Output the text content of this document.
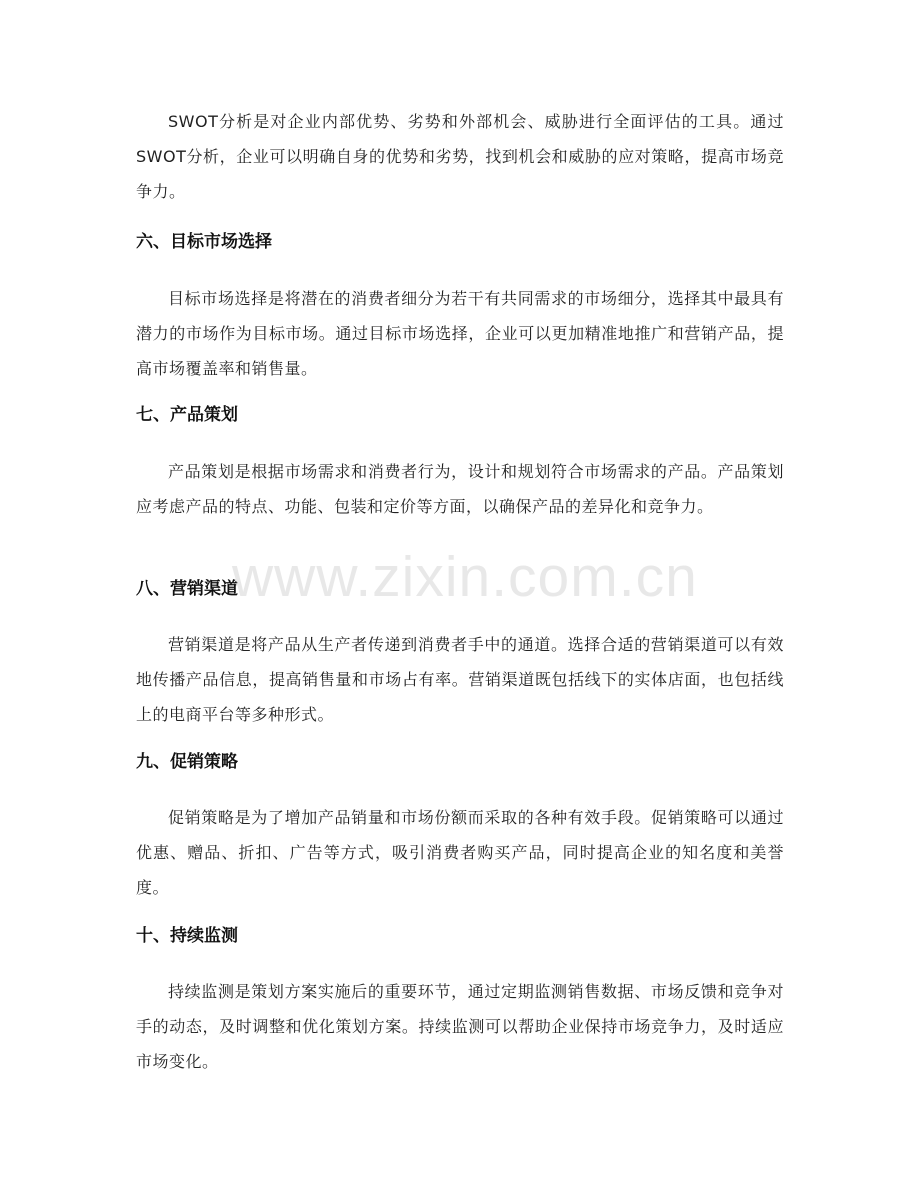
SWOT分析是对企业内部优势、劣势和外部机会、威胁进行全面评估的工具。通过SWOT分析，企业可以明确自身的优势和劣势，找到机会和威胁的应对策略，提高市场竞争力。

六、目标市场选择

目标市场选择是将潜在的消费者细分为若干有共同需求的市场细分，选择其中最具有潜力的市场作为目标市场。通过目标市场选择，企业可以更加精准地推广和营销产品，提高市场覆盖率和销售量。

七、产品策划

产品策划是根据市场需求和消费者行为，设计和规划符合市场需求的产品。产品策划应考虑产品的特点、功能、包装和定价等方面，以确保产品的差异化和竞争力。

八、营销渠道

营销渠道是将产品从生产者传递到消费者手中的通道。选择合适的营销渠道可以有效地传播产品信息，提高销售量和市场占有率。营销渠道既包括线下的实体店面，也包括线上的电商平台等多种形式。

九、促销策略

促销策略是为了增加产品销量和市场份额而采取的各种有效手段。促销策略可以通过优惠、赠品、折扣、广告等方式，吸引消费者购买产品，同时提高企业的知名度和美誉度。

十、持续监测

持续监测是策划方案实施后的重要环节，通过定期监测销售数据、市场反馈和竞争对手的动态，及时调整和优化策划方案。持续监测可以帮助企业保持市场竞争力，及时适应市场变化。

www.zixin.com.cn
